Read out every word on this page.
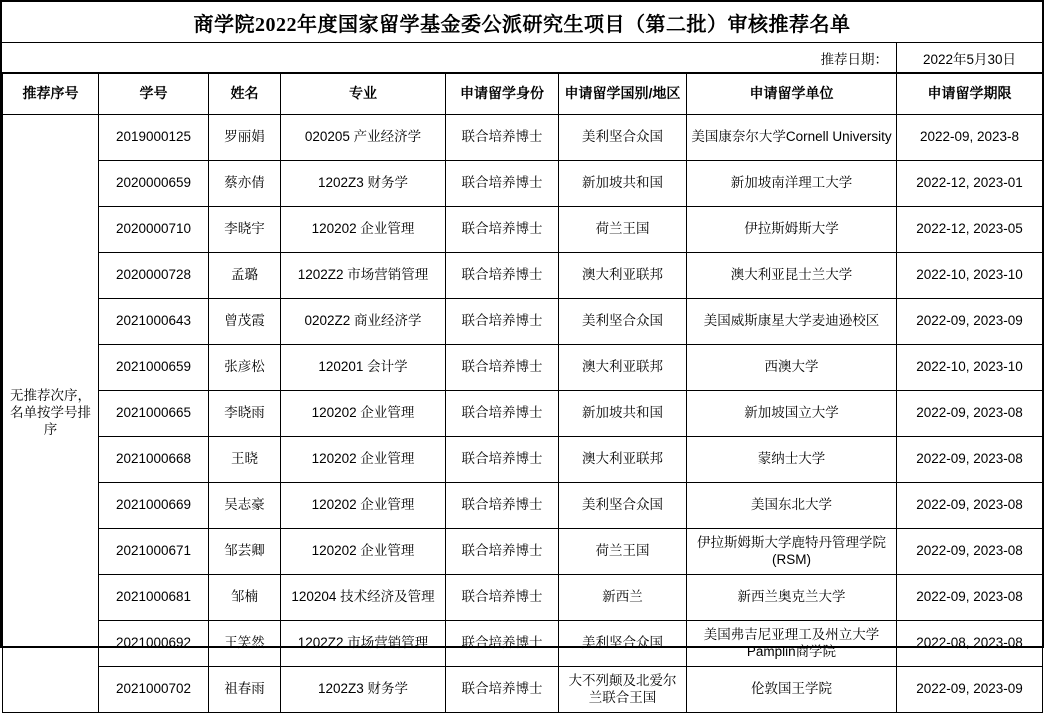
商学院2022年度国家留学基金委公派研究生项目（第二批）审核推荐名单
推荐日期：	2022年5月30日
推荐序号	学号	姓名	专业	申请留学身份	申请留学国别/地区	申请留学单位	申请留学期限
无推荐次序，名单按学号排序	2019000125	罗丽娟	020205 产业经济学	联合培养博士	美利坚合众国	美国康奈尔大学Cornell University	2022-09, 2023-8
	2020000659	蔡亦倩	1202Z3 财务学	联合培养博士	新加坡共和国	新加坡南洋理工大学	2022-12, 2023-01
	2020000710	李晓宇	120202 企业管理	联合培养博士	荷兰王国	伊拉斯姆斯大学	2022-12, 2023-05
	2020000728	孟璐	1202Z2 市场营销管理	联合培养博士	澳大利亚联邦	澳大利亚昆士兰大学	2022-10, 2023-10
	2021000643	曾茂霞	0202Z2 商业经济学	联合培养博士	美利坚合众国	美国威斯康星大学麦迪逊校区	2022-09, 2023-09
	2021000659	张彦松	120201 会计学	联合培养博士	澳大利亚联邦	西澳大学	2022-10, 2023-10
	2021000665	李晓雨	120202 企业管理	联合培养博士	新加坡共和国	新加坡国立大学	2022-09, 2023-08
	2021000668	王晓	120202 企业管理	联合培养博士	澳大利亚联邦	蒙纳士大学	2022-09, 2023-08
	2021000669	吴志豪	120202 企业管理	联合培养博士	美利坚合众国	美国东北大学	2022-09, 2023-08
	2021000671	邹芸卿	120202 企业管理	联合培养博士	荷兰王国	伊拉斯姆斯大学鹿特丹管理学院(RSM)	2022-09, 2023-08
	2021000681	邹楠	120204 技术经济及管理	联合培养博士	新西兰	新西兰奥克兰大学	2022-09, 2023-08
	2021000692	王笑然	1202Z2 市场营销管理	联合培养博士	美利坚合众国	美国弗吉尼亚理工及州立大学Pamplin商学院	2022-08, 2023-08
	2021000702	祖春雨	1202Z3 财务学	联合培养博士	大不列颠及北爱尔兰联合王国	伦敦国王学院	2022-09, 2023-09
